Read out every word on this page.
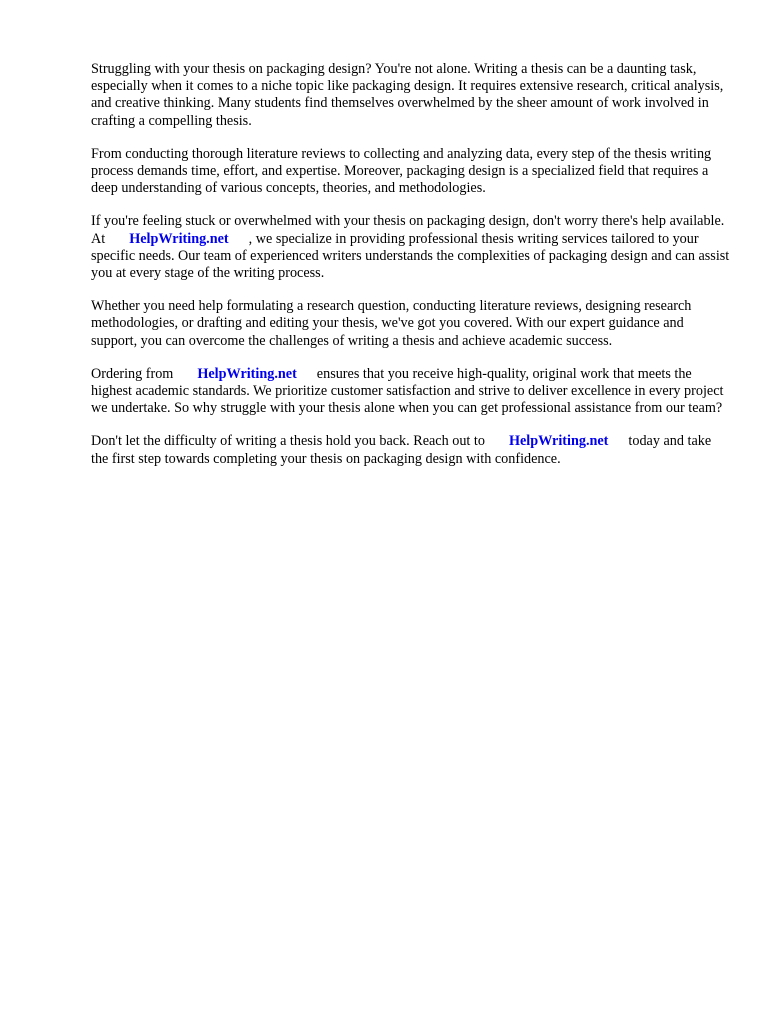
Struggling with your thesis on packaging design? You're not alone. Writing a thesis can be a daunting task, especially when it comes to a niche topic like packaging design. It requires extensive research, critical analysis, and creative thinking. Many students find themselves overwhelmed by the sheer amount of work involved in crafting a compelling thesis.

From conducting thorough literature reviews to collecting and analyzing data, every step of the thesis writing process demands time, effort, and expertise. Moreover, packaging design is a specialized field that requires a deep understanding of various concepts, theories, and methodologies.

If you're feeling stuck or overwhelmed with your thesis on packaging design, don't worry there's help available. At HelpWriting.net , we specialize in providing professional thesis writing services tailored to your specific needs. Our team of experienced writers understands the complexities of packaging design and can assist you at every stage of the writing process.

Whether you need help formulating a research question, conducting literature reviews, designing research methodologies, or drafting and editing your thesis, we've got you covered. With our expert guidance and support, you can overcome the challenges of writing a thesis and achieve academic success.

Ordering from HelpWriting.net ensures that you receive high-quality, original work that meets the highest academic standards. We prioritize customer satisfaction and strive to deliver excellence in every project we undertake. So why struggle with your thesis alone when you can get professional assistance from our team?

Don't let the difficulty of writing a thesis hold you back. Reach out to HelpWriting.net today and take the first step towards completing your thesis on packaging design with confidence.
